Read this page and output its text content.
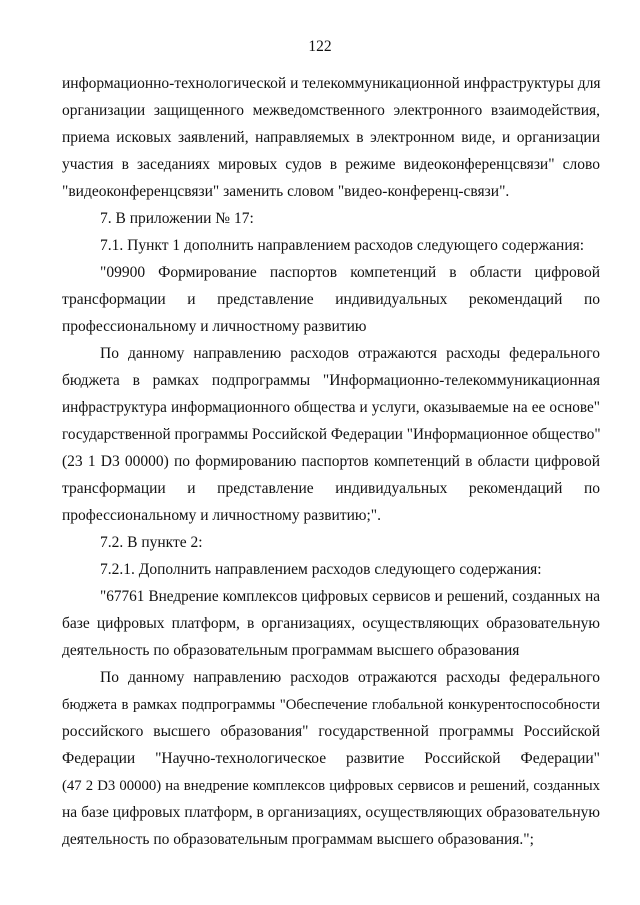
122
информационно-технологической и телекоммуникационной инфраструктуры для
организации защищенного межведомственного электронного взаимодействия,
приема исковых заявлений, направляемых в электронном виде, и организации
участия в заседаниях мировых судов в режиме видеоконференцсвязи" слово
"видеоконференцсвязи" заменить словом "видео-конференц-связи".
7. В приложении № 17:
7.1. Пункт 1 дополнить направлением расходов следующего содержания:
"09900 Формирование паспортов компетенций в области цифровой
трансформации и представление индивидуальных рекомендаций по
профессиональному и личностному развитию
По данному направлению расходов отражаются расходы федерального
бюджета в рамках подпрограммы "Информационно-телекоммуникационная
инфраструктура информационного общества и услуги, оказываемые на ее основе"
государственной программы Российской Федерации "Информационное общество"
(23 1 D3 00000) по формированию паспортов компетенций в области цифровой
трансформации и представление индивидуальных рекомендаций по
профессиональному и личностному развитию;".
7.2. В пункте 2:
7.2.1. Дополнить направлением расходов следующего содержания:
"67761 Внедрение комплексов цифровых сервисов и решений, созданных на
базе цифровых платформ, в организациях, осуществляющих образовательную
деятельность по образовательным программам высшего образования
По данному направлению расходов отражаются расходы федерального
бюджета в рамках подпрограммы "Обеспечение глобальной конкурентоспособности
российского высшего образования" государственной программы Российской
Федерации "Научно-технологическое развитие Российской Федерации"
(47 2 D3 00000) на внедрение комплексов цифровых сервисов и решений, созданных
на базе цифровых платформ, в организациях, осуществляющих образовательную
деятельность по образовательным программам высшего образования.";
